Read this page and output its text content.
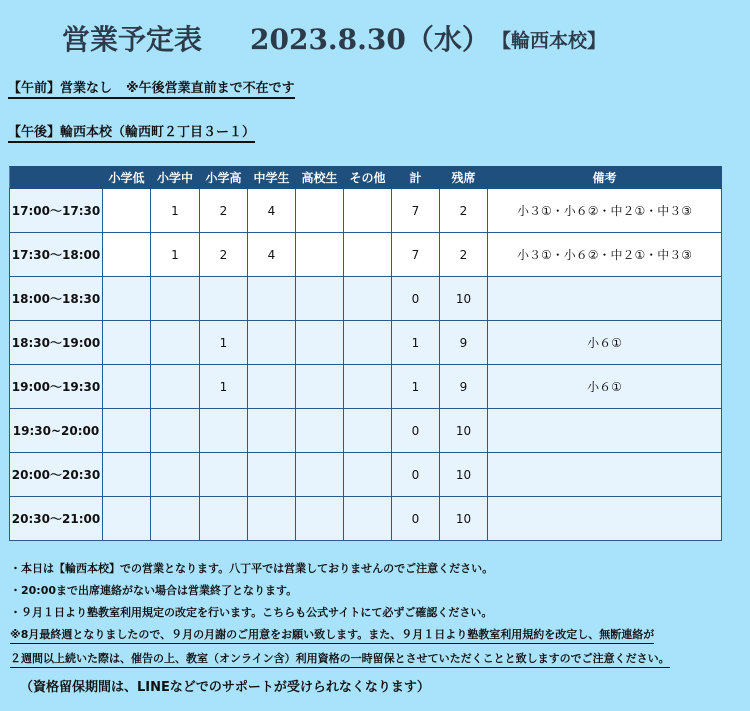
営業予定表 2023.8.30（水） 【輪西本校】
【午前】営業なし ※午後営業直前まで不在です
【午後】輪西本校（輪西町２丁目３ー１）
	小学低	小学中	小学高	中学生	高校生	その他	計	残席	備考
17:00〜17:30		1	2	4			7	2	小３①・小６②・中２①・中３③
17:30〜18:00		1	2	4			7	2	小３①・小６②・中２①・中３③
18:00〜18:30							0	10	
18:30〜19:00			1				1	9	小６①
19:00〜19:30			1				1	9	小６①
19:30~20:00							0	10	
20:00〜20:30							0	10	
20:30〜21:00							0	10	
・本日は【輪西本校】での営業となります。八丁平では営業しておりませんのでご注意ください。
・20:00まで出席連絡がない場合は営業終了となります。
・９月１日より塾教室利用規定の改定を行います。こちらも公式サイトにて必ずご確認ください。
※8月最終週となりましたので、９月の月謝のご用意をお願い致します。また、９月１日より塾教室利用規約を改定し、無断連絡が
２週間以上続いた際は、催告の上、教室（オンライン含）利用資格の一時留保とさせていただくことと致しますのでご注意ください。
（資格留保期間は、LINEなどでのサポートが受けられなくなります）
